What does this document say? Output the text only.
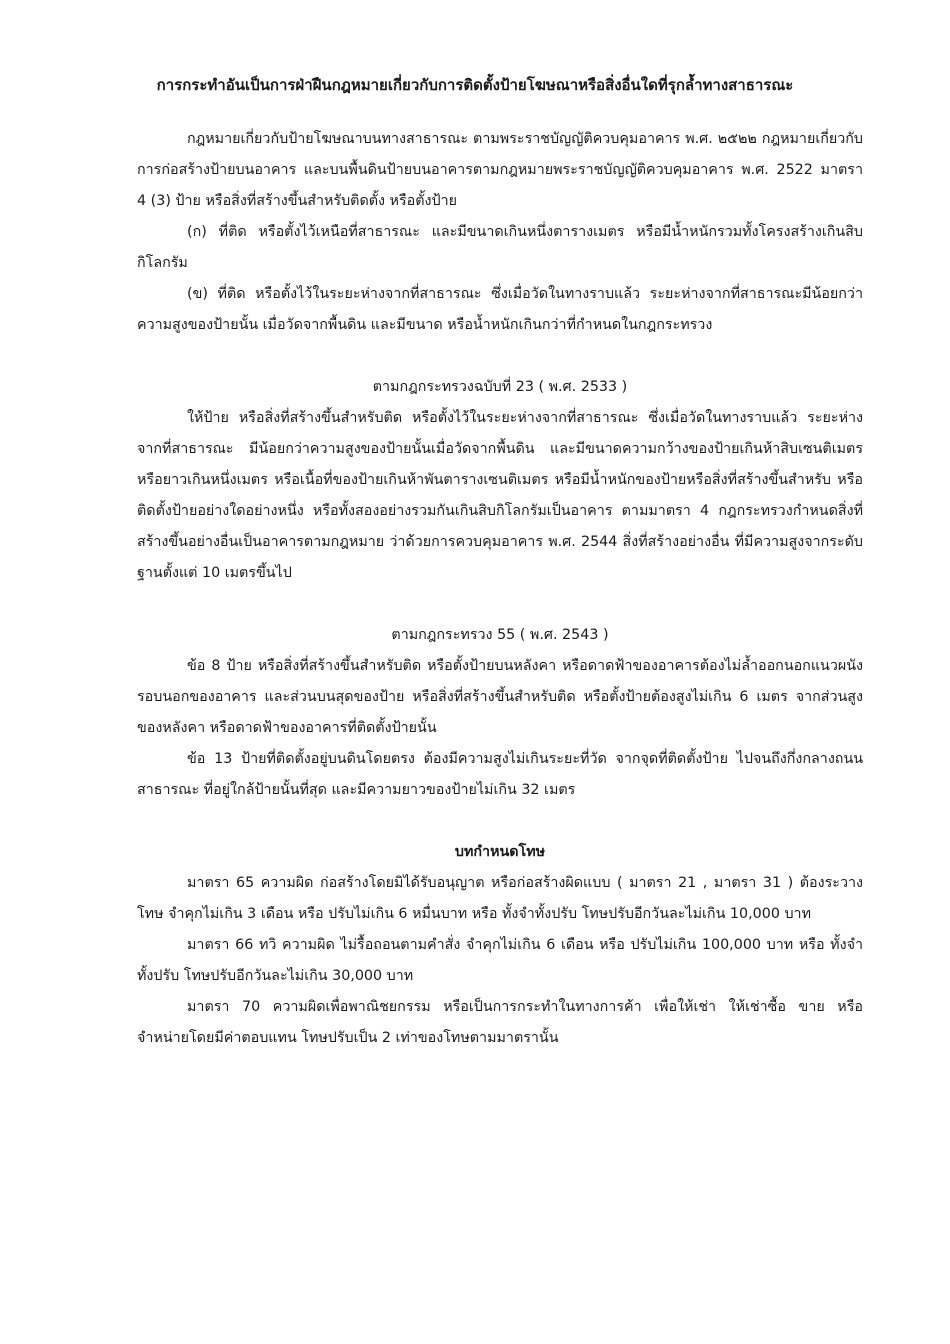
การกระทำอันเป็นการฝ่าฝืนกฎหมายเกี่ยวกับการติดตั้งป้ายโฆษณาหรือสิ่งอื่นใดที่รุกล้ำทางสาธารณะ

กฎหมายเกี่ยวกับป้ายโฆษณาบนทางสาธารณะ ตามพระราชบัญญัติควบคุมอาคาร พ.ศ. ๒๕๒๒ กฎหมายเกี่ยวกับการก่อสร้างป้ายบนอาคาร และบนพื้นดินป้ายบนอาคารตามกฎหมายพระราชบัญญัติควบคุมอาคาร พ.ศ. 2522 มาตรา 4 (3) ป้าย หรือสิ่งที่สร้างขึ้นสำหรับติดตั้ง หรือตั้งป้าย

(ก) ที่ติด หรือตั้งไว้เหนือที่สาธารณะ และมีขนาดเกินหนึ่งตารางเมตร หรือมีน้ำหนักรวมทั้งโครงสร้างเกินสิบกิโลกรัม

(ข) ที่ติด หรือตั้งไว้ในระยะห่างจากที่สาธารณะ ซึ่งเมื่อวัดในทางราบแล้ว ระยะห่างจากที่สาธารณะมีน้อยกว่าความสูงของป้ายนั้น เมื่อวัดจากพื้นดิน และมีขนาด หรือน้ำหนักเกินกว่าที่กำหนดในกฎกระทรวง

ตามกฎกระทรวงฉบับที่ 23 ( พ.ศ. 2533 )

ให้ป้าย หรือสิ่งที่สร้างขึ้นสำหรับติด หรือตั้งไว้ในระยะห่างจากที่สาธารณะ ซึ่งเมื่อวัดในทางราบแล้ว ระยะห่างจากที่สาธารณะ มีน้อยกว่าความสูงของป้ายนั้นเมื่อวัดจากพื้นดิน และมีขนาดความกว้างของป้ายเกินห้าสิบเซนติเมตร หรือยาวเกินหนึ่งเมตร หรือเนื้อที่ของป้ายเกินห้าพันตารางเซนติเมตร หรือมีน้ำหนักของป้ายหรือสิ่งที่สร้างขึ้นสำหรับ หรือติดตั้งป้ายอย่างใดอย่างหนึ่ง หรือทั้งสองอย่างรวมกันเกินสิบกิโลกรัมเป็นอาคาร ตามมาตรา 4 กฎกระทรวงกำหนดสิ่งที่สร้างขึ้นอย่างอื่นเป็นอาคารตามกฎหมาย ว่าด้วยการควบคุมอาคาร พ.ศ. 2544 สิ่งที่สร้างอย่างอื่น ที่มีความสูงจากระดับฐานตั้งแต่ 10 เมตรขึ้นไป

ตามกฎกระทรวง 55 ( พ.ศ. 2543 )

ข้อ 8 ป้าย หรือสิ่งที่สร้างขึ้นสำหรับติด หรือตั้งป้ายบนหลังคา หรือดาดฟ้าของอาคารต้องไม่ล้ำออกนอกแนวผนังรอบนอกของอาคาร และส่วนบนสุดของป้าย หรือสิ่งที่สร้างขึ้นสำหรับติด หรือตั้งป้ายต้องสูงไม่เกิน 6 เมตร จากส่วนสูงของหลังคา หรือดาดฟ้าของอาคารที่ติดตั้งป้ายนั้น

ข้อ 13 ป้ายที่ติดตั้งอยู่บนดินโดยตรง ต้องมีความสูงไม่เกินระยะที่วัด จากจุดที่ติดตั้งป้าย ไปจนถึงกึ่งกลางถนนสาธารณะ ที่อยู่ใกล้ป้ายนั้นที่สุด และมีความยาวของป้ายไม่เกิน 32 เมตร

บทกำหนดโทษ

มาตรา 65 ความผิด ก่อสร้างโดยมิได้รับอนุญาต หรือก่อสร้างผิดแบบ ( มาตรา 21 , มาตรา 31 ) ต้องระวางโทษ จำคุกไม่เกิน 3 เดือน หรือ ปรับไม่เกิน 6 หมื่นบาท หรือ ทั้งจำทั้งปรับ โทษปรับอีกวันละไม่เกิน 10,000 บาท

มาตรา 66 ทวิ ความผิด ไม่รื้อถอนตามคำสั่ง จำคุกไม่เกิน 6 เดือน หรือ ปรับไม่เกิน 100,000 บาท หรือ ทั้งจำทั้งปรับ โทษปรับอีกวันละไม่เกิน 30,000 บาท

มาตรา 70 ความผิดเพื่อพาณิชยกรรม หรือเป็นการกระทำในทางการค้า เพื่อให้เช่า ให้เช่าซื้อ ขาย หรือ จำหน่ายโดยมีค่าตอบแทน โทษปรับเป็น 2 เท่าของโทษตามมาตรานั้น
